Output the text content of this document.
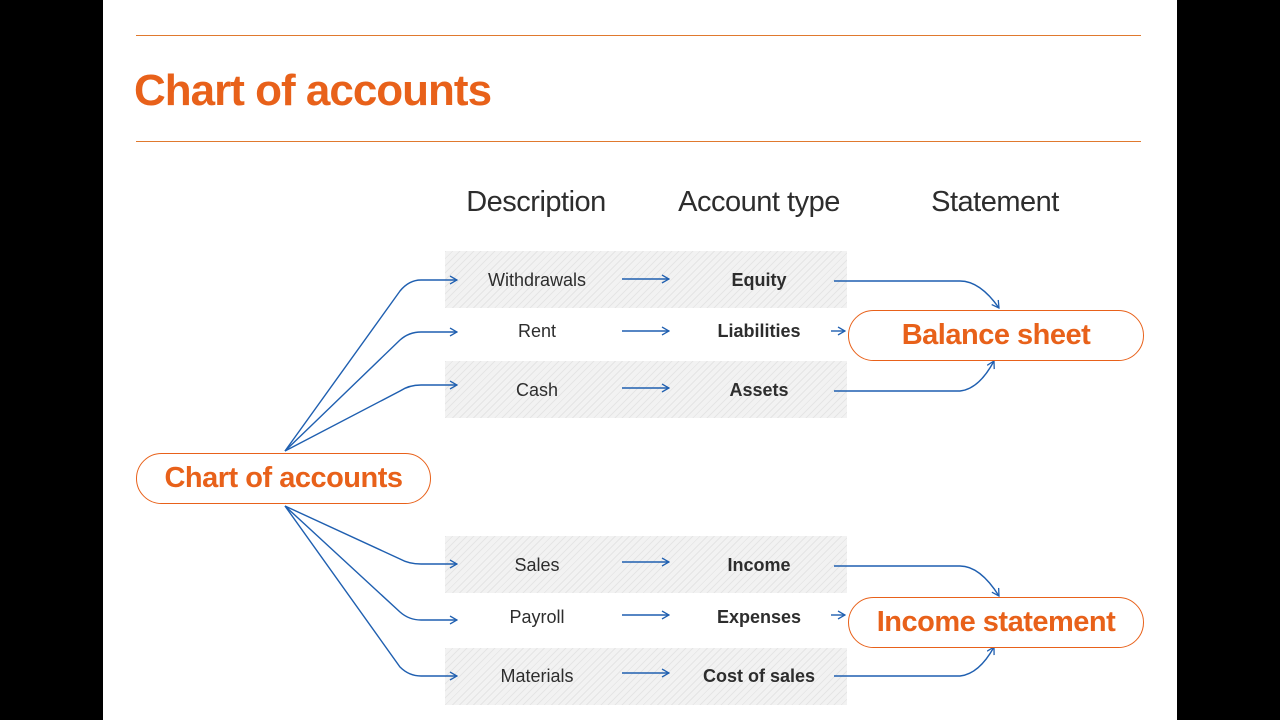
Chart of accounts
Description	Account type	Statement
Withdrawals	Equity
Rent	Liabilities
Cash	Assets
Sales	Income
Payroll	Expenses
Materials	Cost of sales
Chart of accounts
Balance sheet
Income statement
